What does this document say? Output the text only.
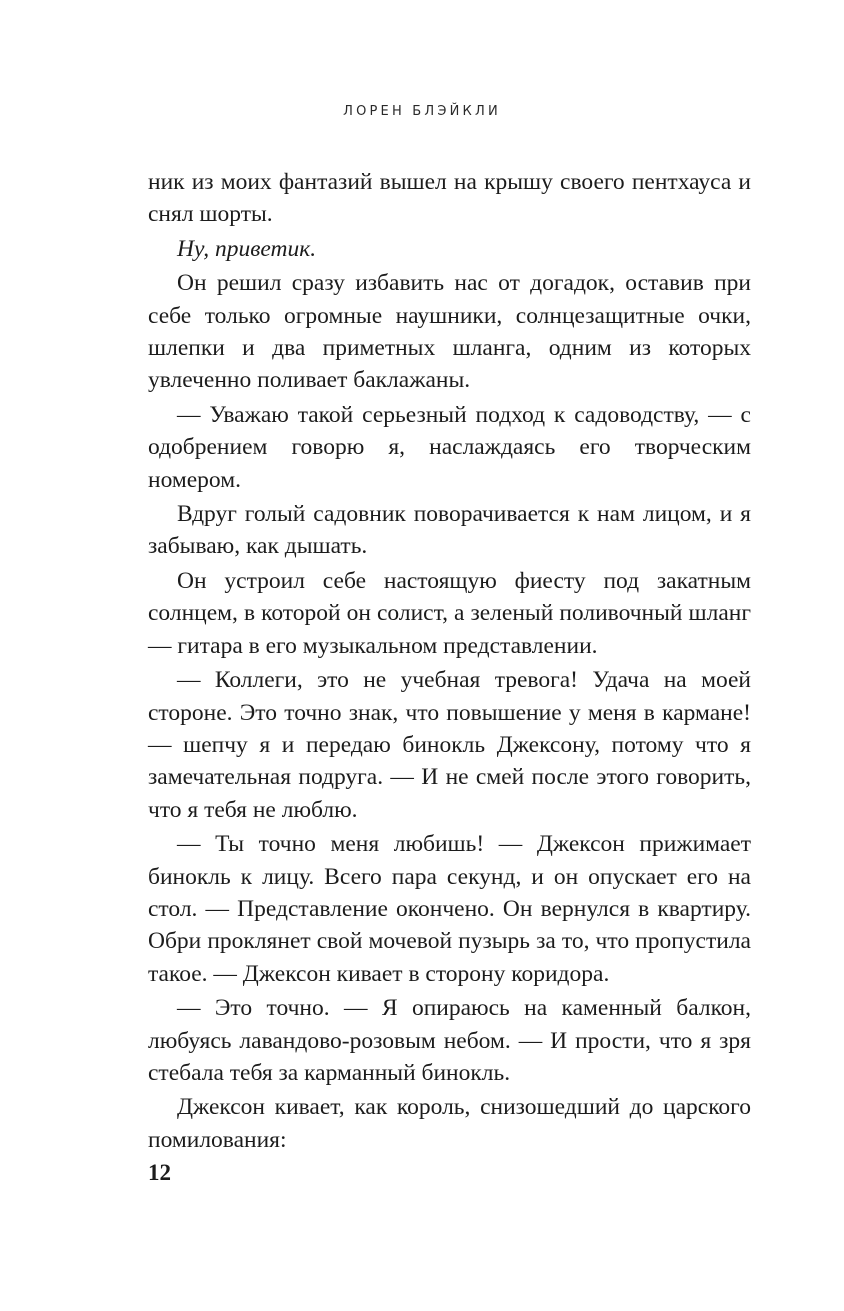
ЛОРЕН БЛЭЙКЛИ

ник из моих фантазий вышел на крышу своего пентхауса и снял шорты.

Ну, приветик.

Он решил сразу избавить нас от догадок, оставив при себе только огромные наушники, солнцезащитные очки, шлепки и два приметных шланга, одним из которых увлеченно поливает баклажаны.

— Уважаю такой серьезный подход к садоводству, — с одобрением говорю я, наслаждаясь его творческим номером.

Вдруг голый садовник поворачивается к нам лицом, и я забываю, как дышать.

Он устроил себе настоящую фиесту под закатным солнцем, в которой он солист, а зеленый поливочный шланг — гитара в его музыкальном представлении.

— Коллеги, это не учебная тревога! Удача на моей стороне. Это точно знак, что повышение у меня в кармане! — шепчу я и передаю бинокль Джексону, потому что я замечательная подруга. — И не смей после этого говорить, что я тебя не люблю.

— Ты точно меня любишь! — Джексон прижимает бинокль к лицу. Всего пара секунд, и он опускает его на стол. — Представление окончено. Он вернулся в квартиру. Обри проклянет свой мочевой пузырь за то, что пропустила такое. — Джексон кивает в сторону коридора.

— Это точно. — Я опираюсь на каменный балкон, любуясь лавандово-розовым небом. — И прости, что я зря стебала тебя за карманный бинокль.

Джексон кивает, как король, снизошедший до царского помилования:

12
